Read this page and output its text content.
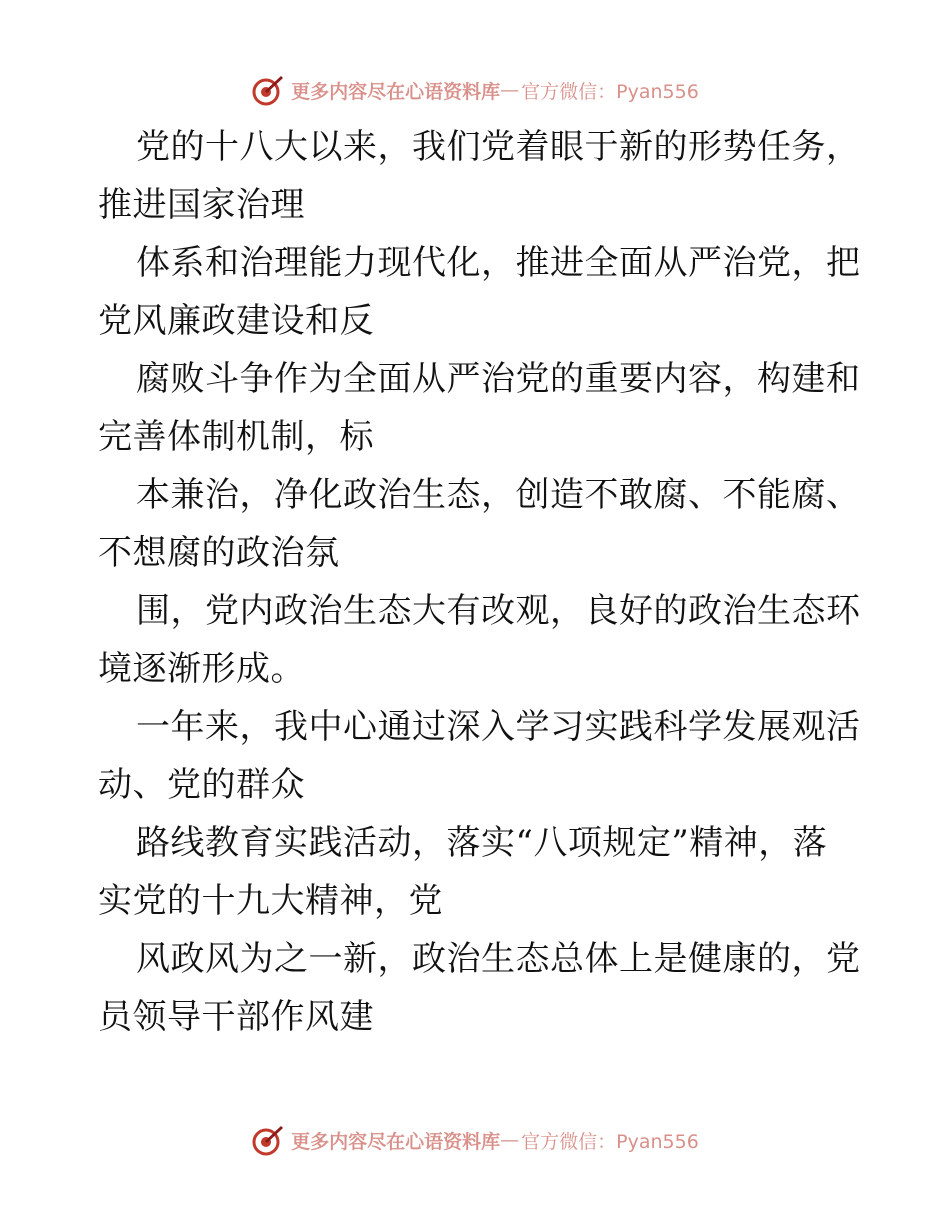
更多内容尽在心语资料库 — 官方微信：Pyan556

党的十八大以来，我们党着眼于新的形势任务，
推进国家治理

体系和治理能力现代化，推进全面从严治党，把
党风廉政建设和反

腐败斗争作为全面从严治党的重要内容，构建和
完善体制机制，标

本兼治，净化政治生态，创造不敢腐、不能腐、
不想腐的政治氛

围，党内政治生态大有改观，良好的政治生态环
境逐渐形成。

一年来，我中心通过深入学习实践科学发展观活
动、党的群众

路线教育实践活动，落实“八项规定”精神，落
实党的十九大精神，党

风政风为之一新，政治生态总体上是健康的，党
员领导干部作风建

更多内容尽在心语资料库 — 官方微信：Pyan556
